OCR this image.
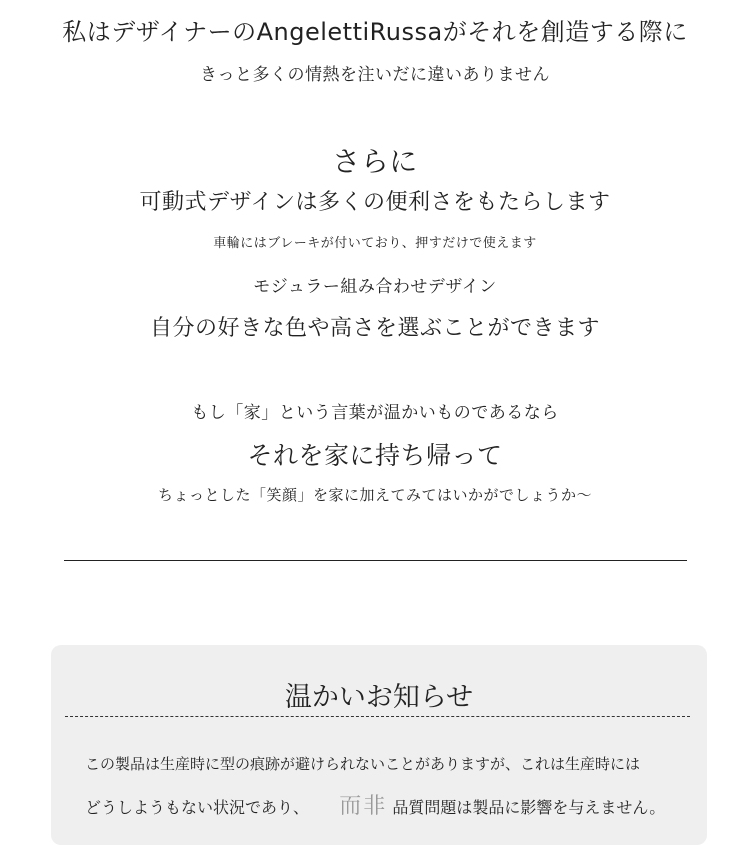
私はデザイナーのAngelettiRussaがそれを創造する際に
きっと多くの情熱を注いだに違いありません
さらに
可動式デザインは多くの便利さをもたらします
車輪にはブレーキが付いており、押すだけで使えます
モジュラー組み合わせデザイン
自分の好きな色や高さを選ぶことができます
もし「家」という言葉が温かいものであるなら
それを家に持ち帰って
ちょっとした「笑顔」を家に加えてみてはいかがでしょうか～
温かいお知らせ
この製品は生産時に型の痕跡が避けられないことがありますが、これは生産時には
どうしようもない状況であり、 而非 品質問題は製品に影響を与えません。
